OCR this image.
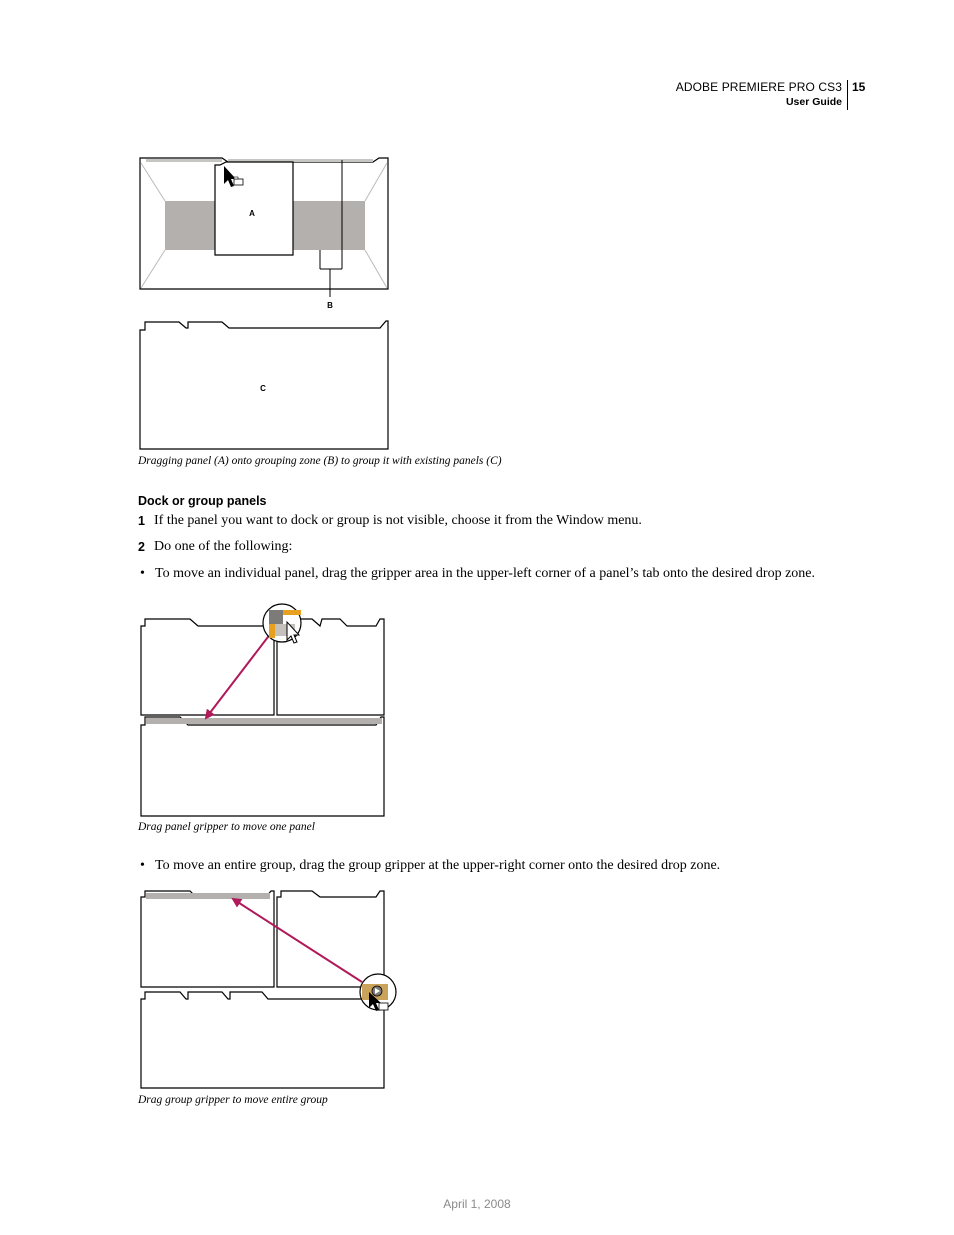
ADOBE PREMIERE PRO CS3
User Guide
15
A
B
C
Dragging panel (A) onto grouping zone (B) to group it with existing panels (C)
Dock or group panels
1 If the panel you want to dock or group is not visible, choose it from the Window menu.
2 Do one of the following:
• To move an individual panel, drag the gripper area in the upper-left corner of a panel’s tab onto the desired drop zone.
Drag panel gripper to move one panel
• To move an entire group, drag the group gripper at the upper-right corner onto the desired drop zone.
Drag group gripper to move entire group
April 1, 2008
